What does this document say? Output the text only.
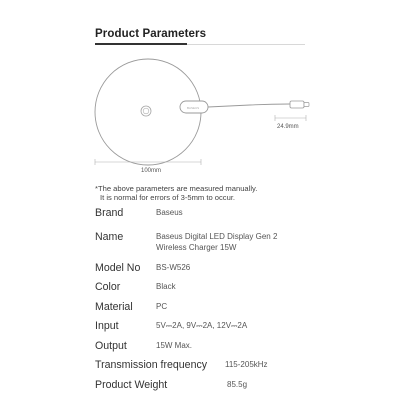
Product Parameters
BASEUS
24.9mm
100mm
*The above parameters are measured manually.
It is normal for errors of 3-5mm to occur.
Brand	Baseus
Name	Baseus Digital LED Display Gen 2
Wireless Charger 15W
Model No BS-W526
Color	Black
Material	PC
Input	5V⎓2A, 9V⎓2A, 12V⎓2A
Output	15W Max.
Transmission frequency 115-205kHz
Product Weight	85.5g
